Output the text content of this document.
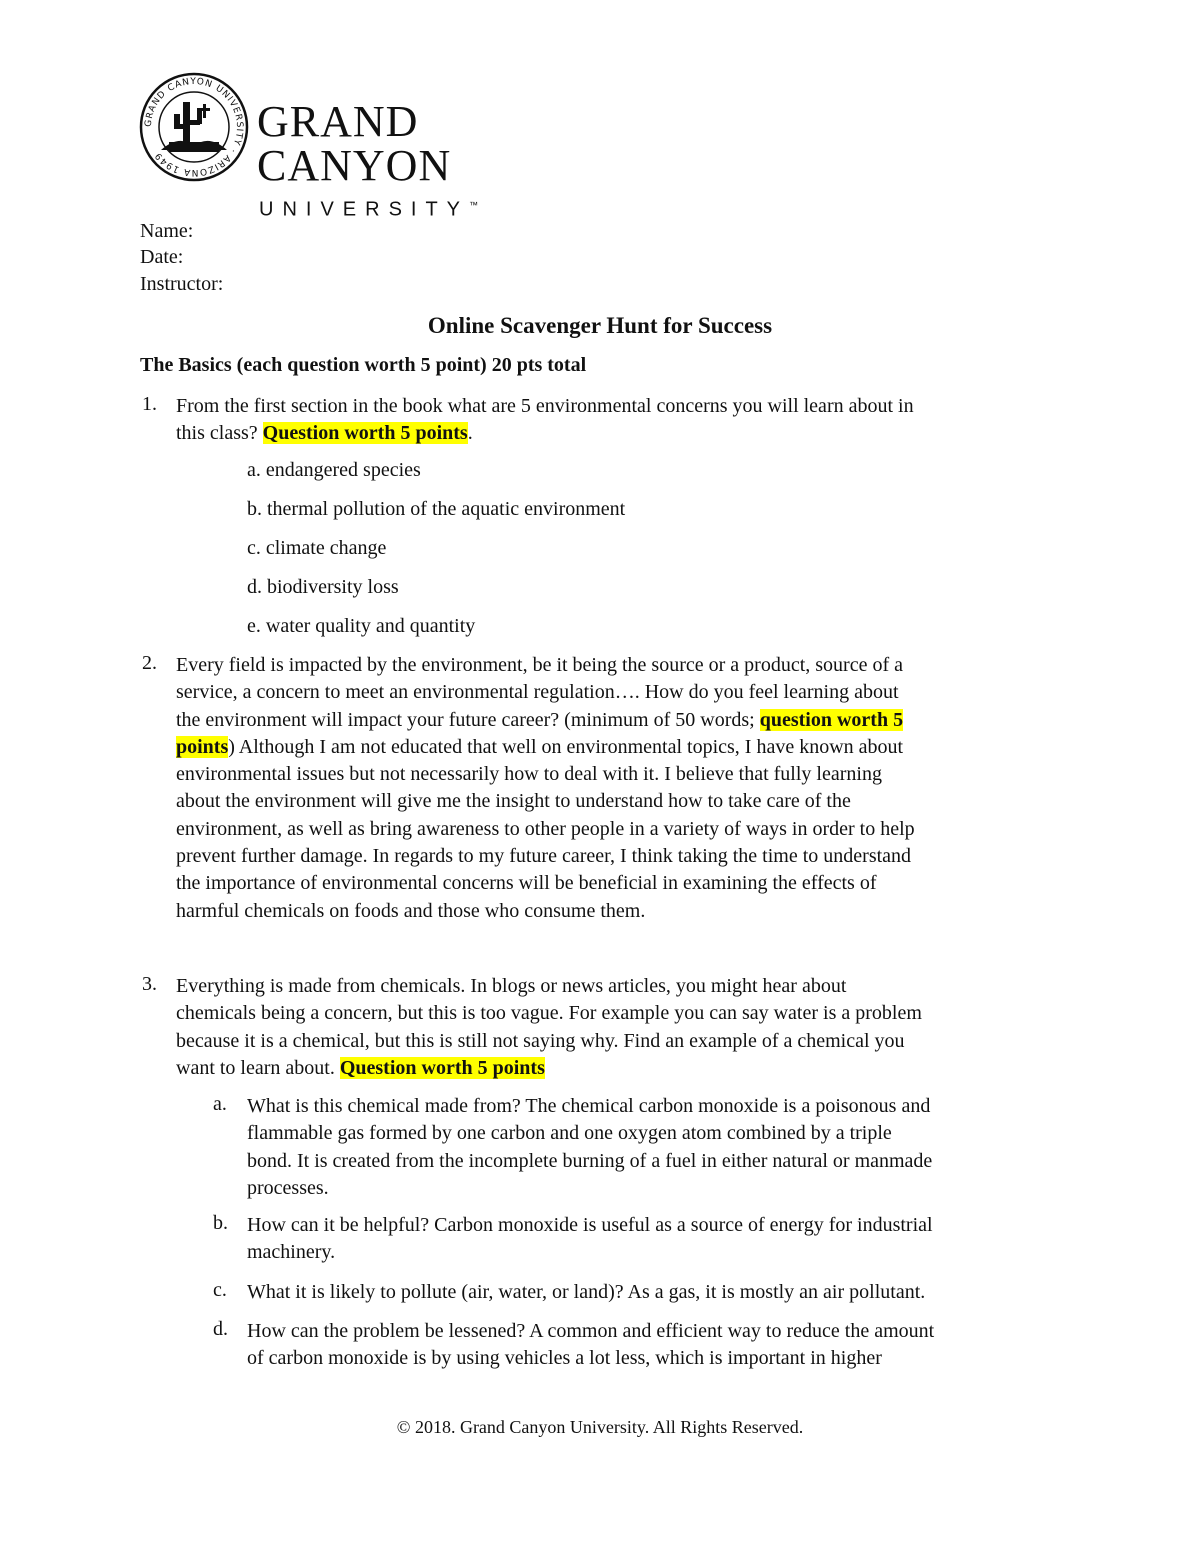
GRAND CANYON UNIVERSITY · ARIZONA 1949
GRAND CANYON
UNIVERSITY™
Name:
Date:
Instructor:
Online Scavenger Hunt for Success
The Basics (each question worth 5 point) 20 pts total
1. From the first section in the book what are 5 environmental concerns you will learn about in
this class? Question worth 5 points.
a. endangered species
b. thermal pollution of the aquatic environment
c. climate change
d. biodiversity loss
e. water quality and quantity
2. Every field is impacted by the environment, be it being the source or a product, source of a
service, a concern to meet an environmental regulation…. How do you feel learning about
the environment will impact your future career? (minimum of 50 words; question worth 5
points) Although I am not educated that well on environmental topics, I have known about
environmental issues but not necessarily how to deal with it. I believe that fully learning
about the environment will give me the insight to understand how to take care of the
environment, as well as bring awareness to other people in a variety of ways in order to help
prevent further damage. In regards to my future career, I think taking the time to understand
the importance of environmental concerns will be beneficial in examining the effects of
harmful chemicals on foods and those who consume them.
3. Everything is made from chemicals. In blogs or news articles, you might hear about
chemicals being a concern, but this is too vague. For example you can say water is a problem
because it is a chemical, but this is still not saying why. Find an example of a chemical you
want to learn about. Question worth 5 points
a. What is this chemical made from? The chemical carbon monoxide is a poisonous and
flammable gas formed by one carbon and one oxygen atom combined by a triple
bond. It is created from the incomplete burning of a fuel in either natural or manmade
processes.
b. How can it be helpful? Carbon monoxide is useful as a source of energy for industrial
machinery.
c. What it is likely to pollute (air, water, or land)? As a gas, it is mostly an air pollutant.
d. How can the problem be lessened? A common and efficient way to reduce the amount
of carbon monoxide is by using vehicles a lot less, which is important in higher
© 2018. Grand Canyon University. All Rights Reserved.
